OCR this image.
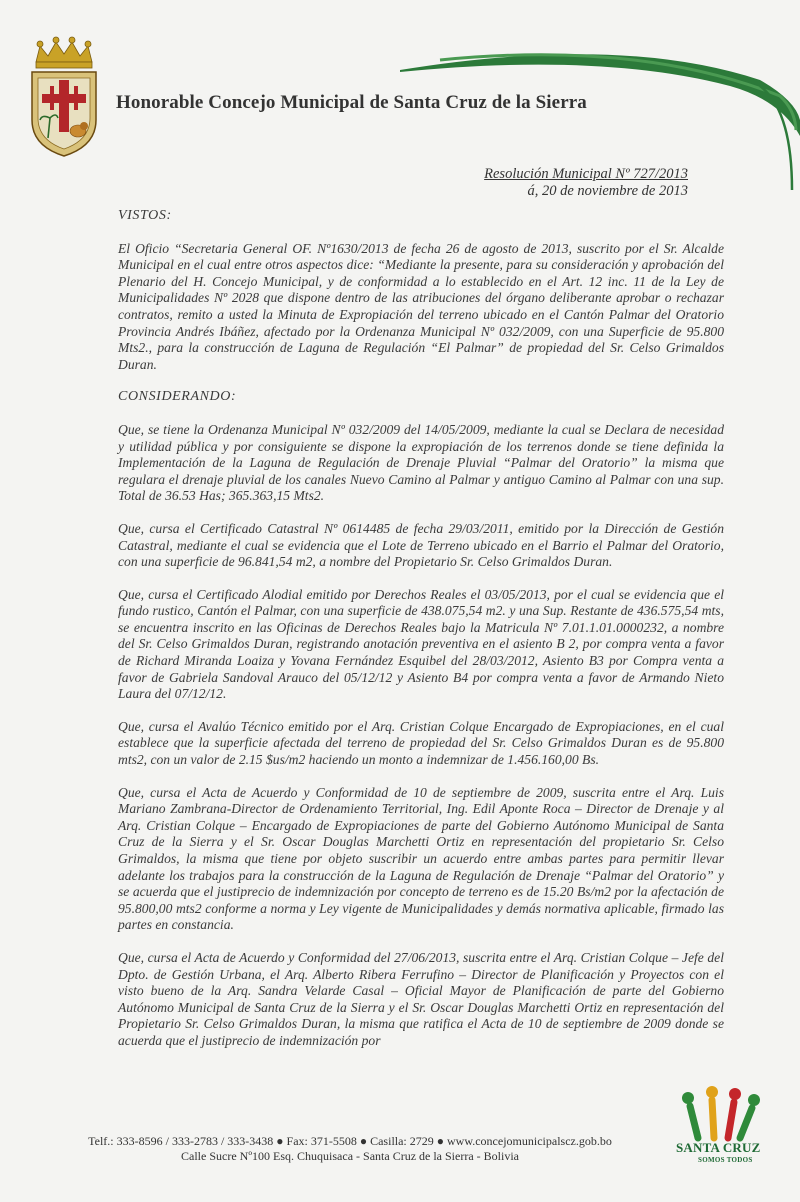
Honorable Concejo Municipal de Santa Cruz de la Sierra
Resolución Municipal Nº 727/2013
á, 20 de noviembre de 2013
VISTOS:

El Oficio “Secretaria General OF. Nº1630/2013 de fecha 26 de agosto de 2013, suscrito por el Sr. Alcalde Municipal en el cual entre otros aspectos dice: “Mediante la presente, para su consideración y aprobación del Plenario del H. Concejo Municipal, y de conformidad a lo establecido en el Art. 12 inc. 11 de la Ley de Municipalidades Nº 2028 que dispone dentro de las atribuciones del órgano deliberante aprobar o rechazar contratos, remito a usted la Minuta de Expropiación del terreno ubicado en el Cantón Palmar del Oratorio Provincia Andrés Ibáñez, afectado por la Ordenanza Municipal Nº 032/2009, con una Superficie de 95.800 Mts2., para la construcción de Laguna de Regulación “El Palmar” de propiedad del Sr. Celso Grimaldos Duran.

CONSIDERANDO:

Que, se tiene la Ordenanza Municipal Nº 032/2009 del 14/05/2009, mediante la cual se Declara de necesidad y utilidad pública y por consiguiente se dispone la expropiación de los terrenos donde se tiene definida la Implementación de la Laguna de Regulación de Drenaje Pluvial “Palmar del Oratorio” la misma que regulara el drenaje pluvial de los canales Nuevo Camino al Palmar y antiguo Camino al Palmar con una sup. Total de 36.53 Has; 365.363,15 Mts2.

Que, cursa el Certificado Catastral Nº 0614485 de fecha 29/03/2011, emitido por la Dirección de Gestión Catastral, mediante el cual se evidencia que el Lote de Terreno ubicado en el Barrio el Palmar del Oratorio, con una superficie de 96.841,54 m2, a nombre del Propietario Sr. Celso Grimaldos Duran.

Que, cursa el Certificado Alodial emitido por Derechos Reales el 03/05/2013, por el cual se evidencia que el fundo rustico, Cantón el Palmar, con una superficie de 438.075,54 m2. y una Sup. Restante de 436.575,54 mts, se encuentra inscrito en las Oficinas de Derechos Reales bajo la Matricula Nº 7.01.1.01.0000232, a nombre del Sr. Celso Grimaldos Duran, registrando anotación preventiva en el asiento B 2, por compra venta a favor de Richard Miranda Loaiza y Yovana Fernández Esquibel del 28/03/2012, Asiento B3 por Compra venta a favor de Gabriela Sandoval Arauco del 05/12/12 y Asiento B4 por compra venta a favor de Armando Nieto Laura del 07/12/12.

Que, cursa el Avalúo Técnico emitido por el Arq. Cristian Colque Encargado de Expropiaciones, en el cual establece que la superficie afectada del terreno de propiedad del Sr. Celso Grimaldos Duran es de 95.800 mts2, con un valor de 2.15 $us/m2 haciendo un monto a indemnizar de 1.456.160,00 Bs.

Que, cursa el Acta de Acuerdo y Conformidad de 10 de septiembre de 2009, suscrita entre el Arq. Luis Mariano Zambrana-Director de Ordenamiento Territorial, Ing. Edil Aponte Roca – Director de Drenaje y al Arq. Cristian Colque – Encargado de Expropiaciones de parte del Gobierno Autónomo Municipal de Santa Cruz de la Sierra y el Sr. Oscar Douglas Marchetti Ortiz en representación del propietario Sr. Celso Grimaldos, la misma que tiene por objeto suscribir un acuerdo entre ambas partes para permitir llevar adelante los trabajos para la construcción de la Laguna de Regulación de Drenaje “Palmar del Oratorio” y se acuerda que el justiprecio de indemnización por concepto de terreno es de 15.20 Bs/m2 por la afectación de 95.800,00 mts2 conforme a norma y Ley vigente de Municipalidades y demás normativa aplicable, firmado las partes en constancia.

Que, cursa el Acta de Acuerdo y Conformidad del 27/06/2013, suscrita entre el Arq. Cristian Colque – Jefe del Dpto. de Gestión Urbana, el Arq. Alberto Ribera Ferrufino – Director de Planificación y Proyectos con el visto bueno de la Arq. Sandra Velarde Casal – Oficial Mayor de Planificación de parte del Gobierno Autónomo Municipal de Santa Cruz de la Sierra y el Sr. Oscar Douglas Marchetti Ortiz en representación del Propietario Sr. Celso Grimaldos Duran, la misma que ratifica el Acta de 10 de septiembre de 2009 donde se acuerda que el justiprecio de indemnización por

Telf.: 333-8596 / 333-2783 / 333-3438 ● Fax: 371-5508 ● Casilla: 2729 ● www.concejomunicipalscz.gob.bo
Calle Sucre Nº100 Esq. Chuquisaca - Santa Cruz de la Sierra - Bolivia
SANTA CRUZ
SOMOS TODOS
